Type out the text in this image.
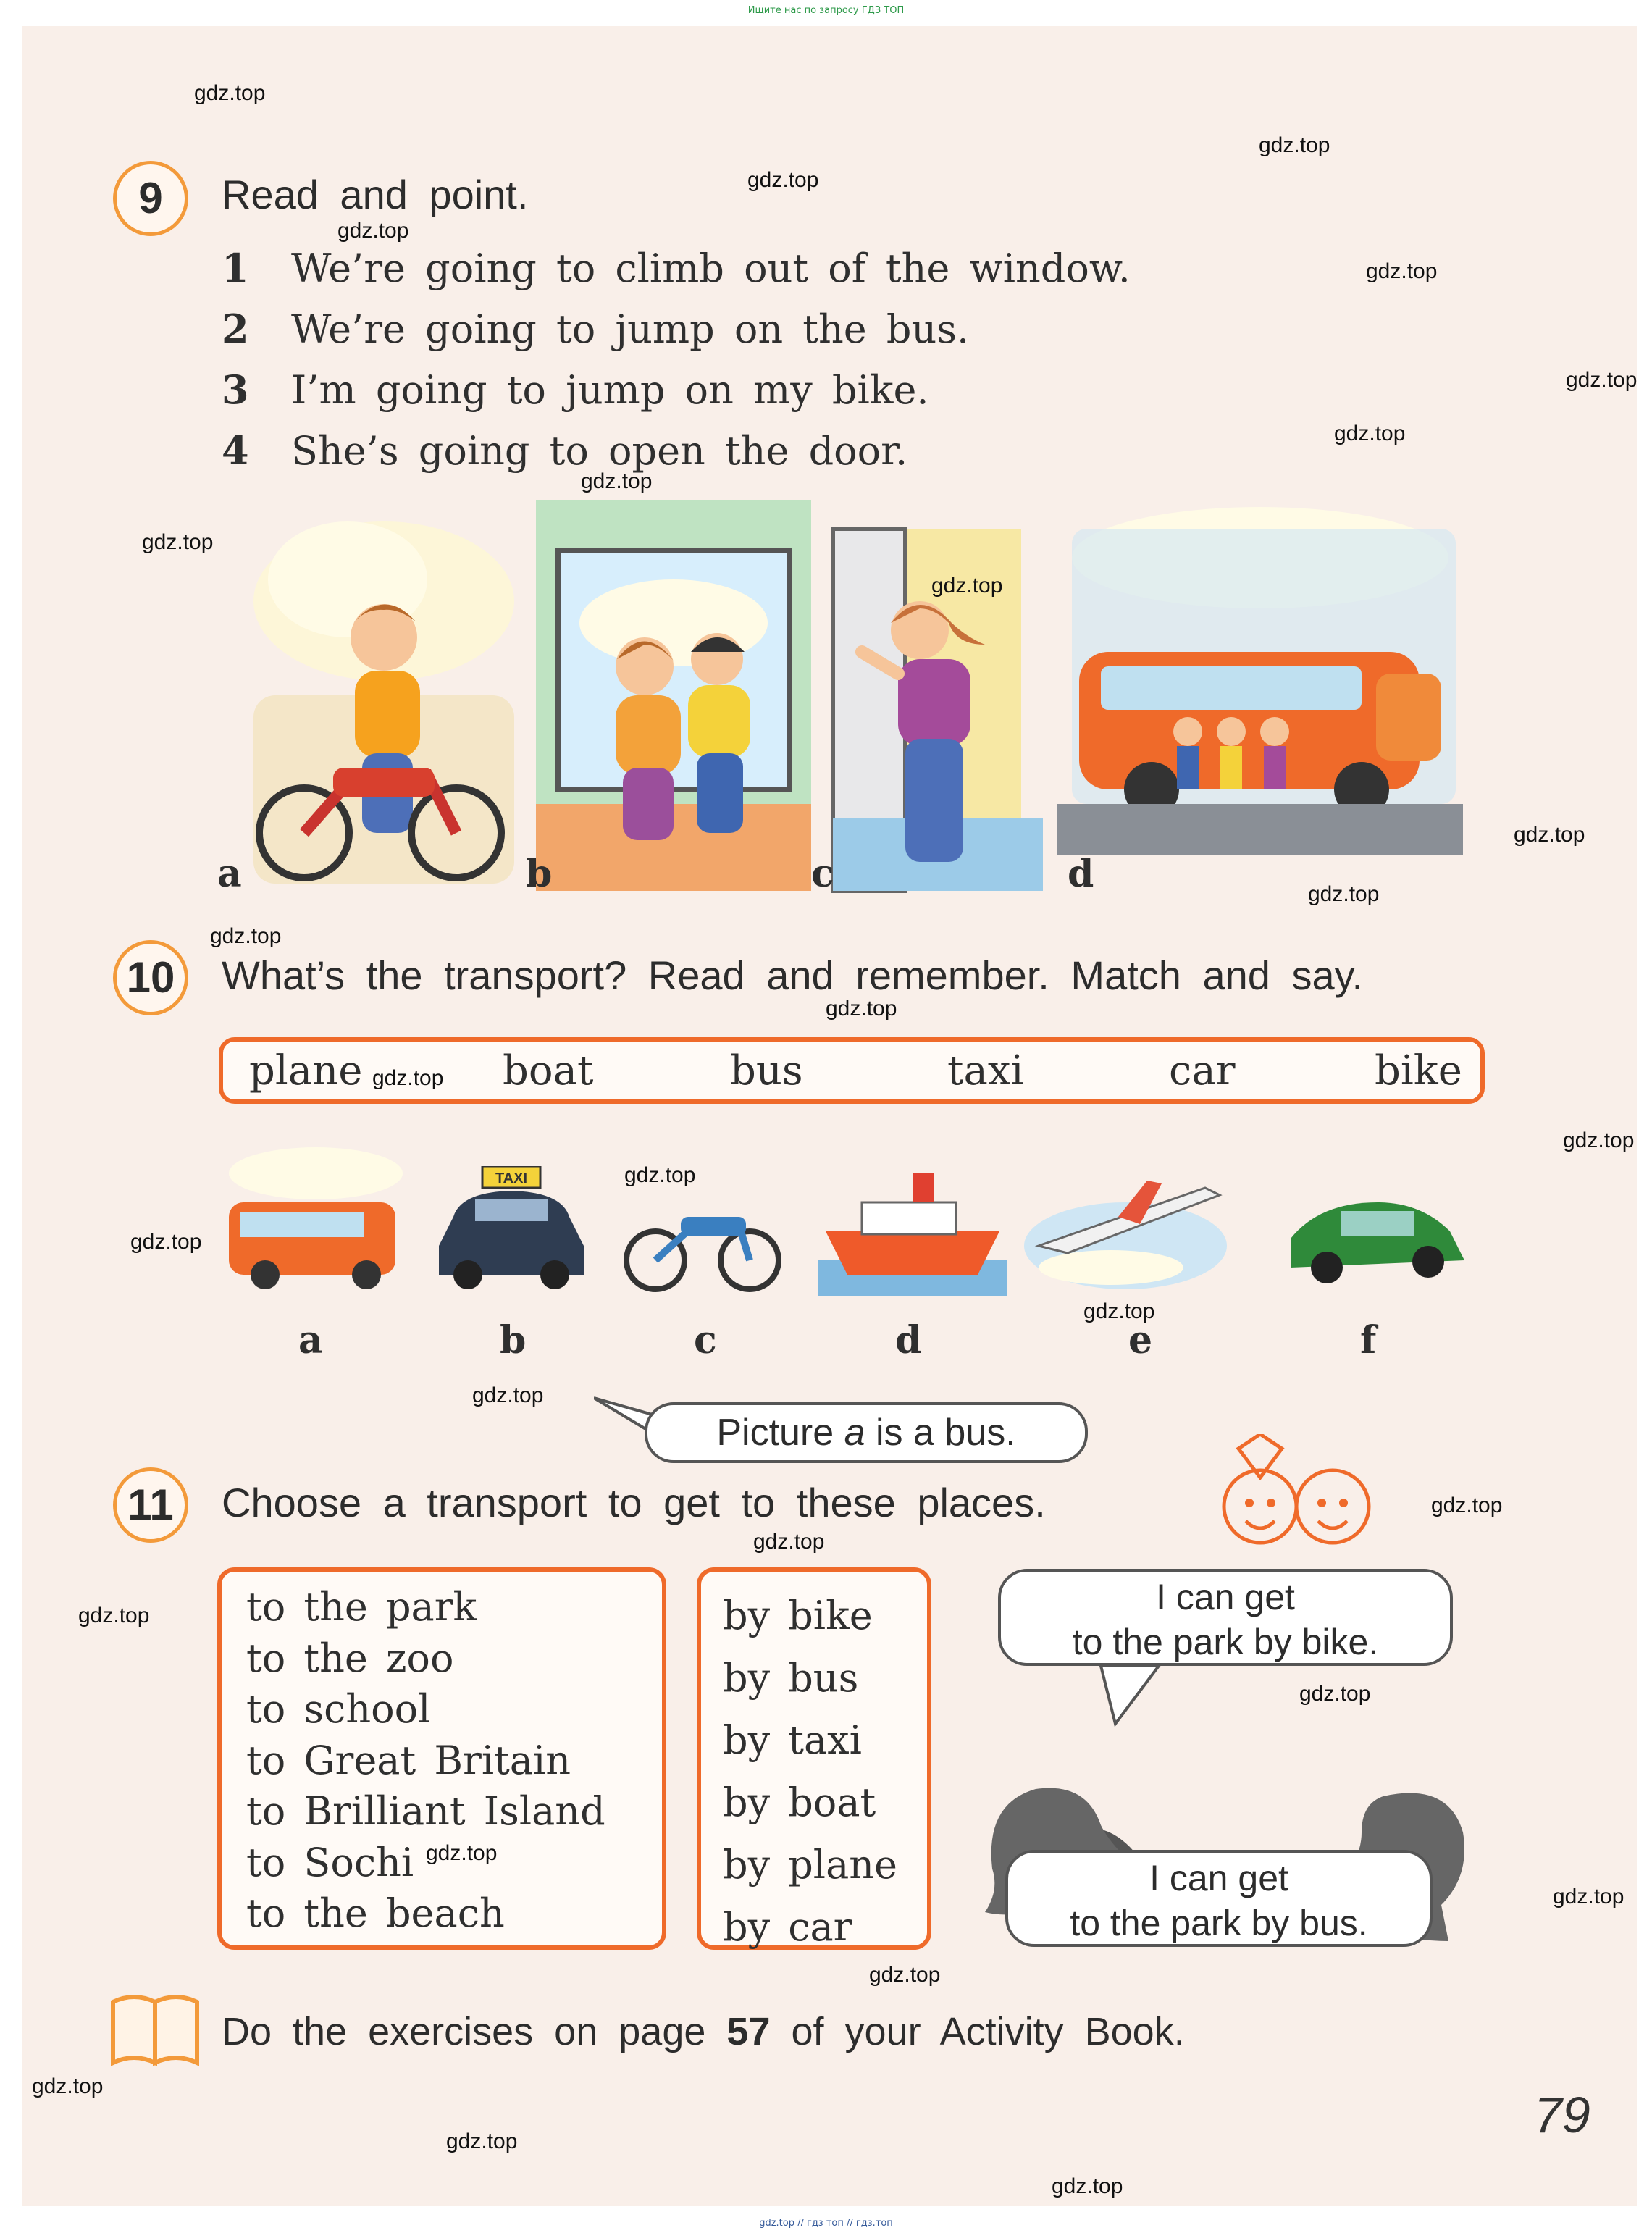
Ищите нас по запросу ГДЗ ТОП
9	Read and point.
1 We’re going to climb out of the window.
2 We’re going to jump on the bus.
3 I’m going to jump on my bike.
4 She’s going to open the door.
a	b	c	d
10	What’s the transport? Read and remember. Match and say.
plane	boat	bus	taxi	car	bike
TAXI
a	b	c	d	e	f
Picture a is a bus.
11	Choose a transport to get to these places.
to the park
to the zoo
to school
to Great Britain
to Brilliant Island
to Sochi
to the beach
by bike
by bus
by taxi
by boat
by plane
by car
I can get
to the park by bike.
I can get
to the park by bus.
Do the exercises on page 57 of your Activity Book.
79
gdz.top
gdz.top
gdz.top
gdz.top
gdz.top
gdz.top
gdz.top
gdz.top
gdz.top
gdz.top
gdz.top
gdz.top
gdz.top
gdz.top
gdz.top
gdz.top
gdz.top
gdz.top
gdz.top
gdz.top
gdz.top
gdz.top
gdz.top
gdz.top
gdz.top
gdz.top
gdz.top
gdz.top
gdz.top
gdz.top
gdz.top // гдз топ // гдз.топ
